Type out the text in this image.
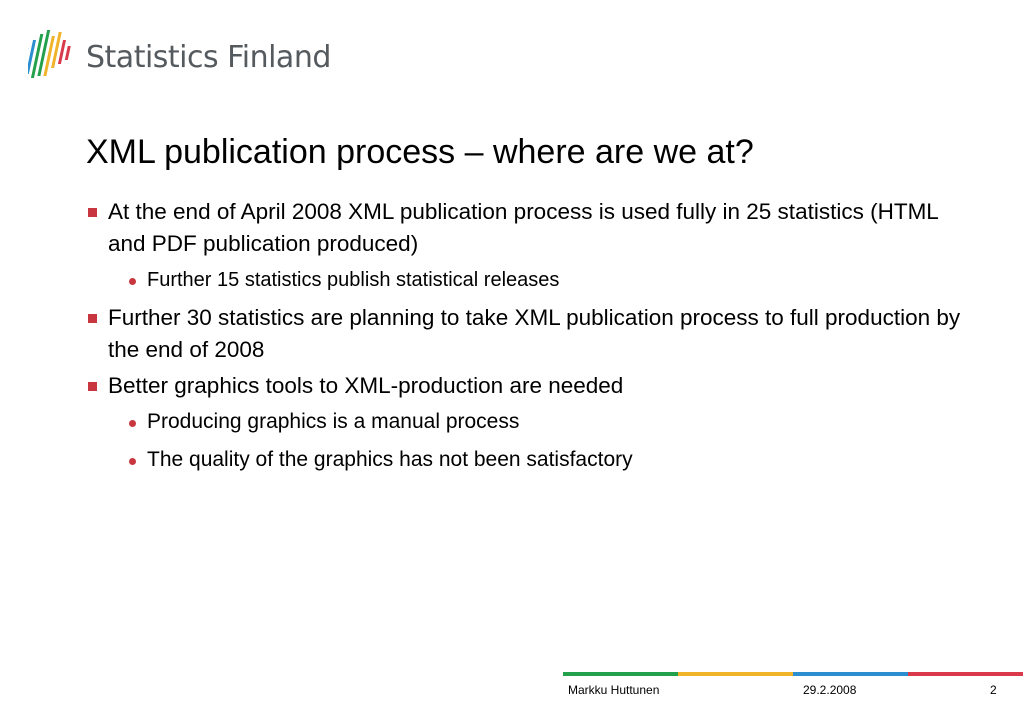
Statistics Finland
XML publication process – where are we at?
At the end of April 2008 XML publication process is used fully in 25 statistics (HTML and PDF publication produced)
Further 15 statistics publish statistical releases
Further 30 statistics are planning to take XML publication process to full production by the end of 2008
Better graphics tools to XML-production are needed
Producing graphics is a manual process
The quality of the graphics has not been satisfactory
Markku Huttunen	29.2.2008	2
